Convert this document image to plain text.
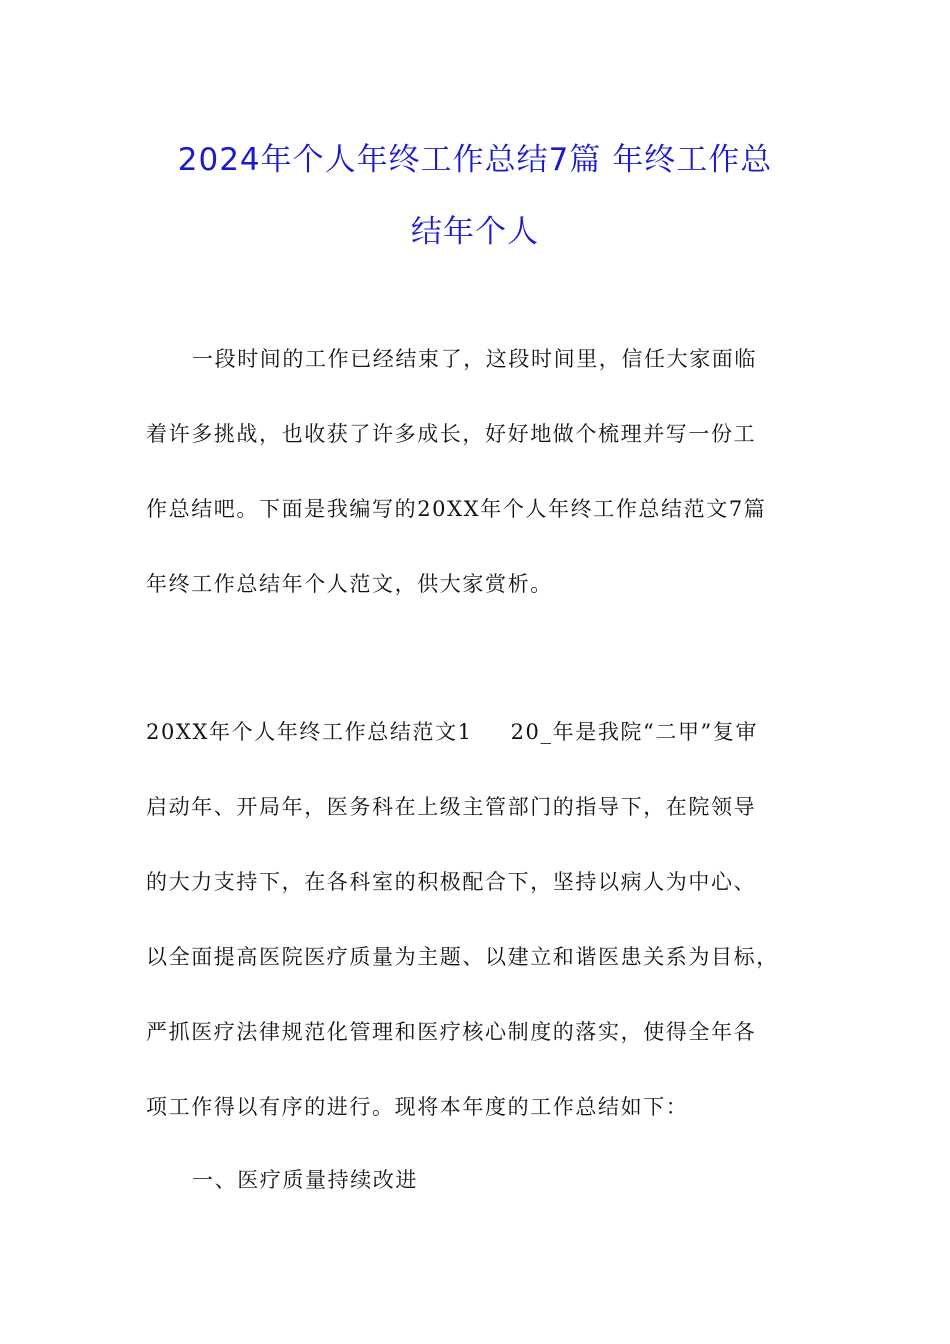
2024年个人年终工作总结7篇 年终工作总
结年个人
一段时间的工作已经结束了，这段时间里，信任大家面临
着许多挑战，也收获了许多成长，好好地做个梳理并写一份工
作总结吧。下面是我编写的20XX年个人年终工作总结范文7篇
年终工作总结年个人范文，供大家赏析。
20XX年个人年终工作总结范文1 20_年是我院“二甲”复审
启动年、开局年，医务科在上级主管部门的指导下，在院领导
的大力支持下，在各科室的积极配合下，坚持以病人为中心、
以全面提高医院医疗质量为主题、以建立和谐医患关系为目标，
严抓医疗法律规范化管理和医疗核心制度的落实，使得全年各
项工作得以有序的进行。现将本年度的工作总结如下：
一、医疗质量持续改进
